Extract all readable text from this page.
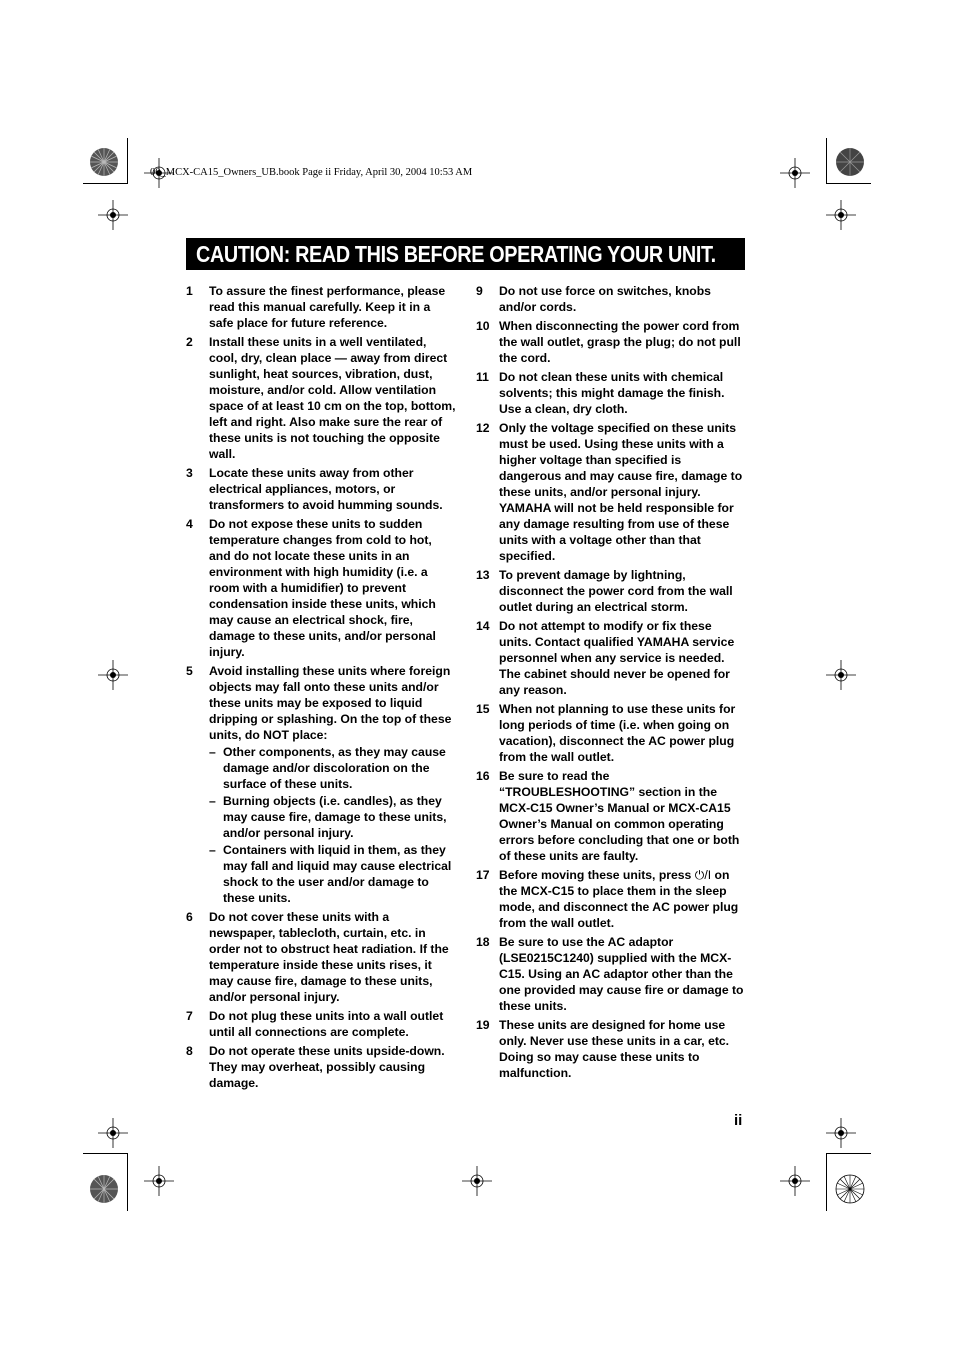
00_MCX-CA15_Owners_UB.book Page ii Friday, April 30, 2004 10:53 AM
CAUTION: READ THIS BEFORE OPERATING YOUR UNIT.
1	To assure the finest performance, please read this manual carefully. Keep it in a safe place for future reference.
2	Install these units in a well ventilated, cool, dry, clean place — away from direct sunlight, heat sources, vibration, dust, moisture, and/or cold. Allow ventilation space of at least 10 cm on the top, bottom, left and right. Also make sure the rear of these units is not touching the opposite wall.
3	Locate these units away from other electrical appliances, motors, or transformers to avoid humming sounds.
4	Do not expose these units to sudden temperature changes from cold to hot, and do not locate these units in an environment with high humidity (i.e. a room with a humidifier) to prevent condensation inside these units, which may cause an electrical shock, fire, damage to these units, and/or personal injury.
5	Avoid installing these units where foreign objects may fall onto these units and/or these units may be exposed to liquid dripping or splashing. On the top of these units, do NOT place:
– Other components, as they may cause damage and/or discoloration on the surface of these units.
– Burning objects (i.e. candles), as they may cause fire, damage to these units, and/or personal injury.
– Containers with liquid in them, as they may fall and liquid may cause electrical shock to the user and/or damage to these units.
6	Do not cover these units with a newspaper, tablecloth, curtain, etc. in order not to obstruct heat radiation. If the temperature inside these units rises, it may cause fire, damage to these units, and/or personal injury.
7	Do not plug these units into a wall outlet until all connections are complete.
8	Do not operate these units upside-down. They may overheat, possibly causing damage.
9	Do not use force on switches, knobs and/or cords.
10 When disconnecting the power cord from the wall outlet, grasp the plug; do not pull the cord.
11 Do not clean these units with chemical solvents; this might damage the finish. Use a clean, dry cloth.
12 Only the voltage specified on these units must be used. Using these units with a higher voltage than specified is dangerous and may cause fire, damage to these units, and/or personal injury. YAMAHA will not be held responsible for any damage resulting from use of these units with a voltage other than that specified.
13 To prevent damage by lightning, disconnect the power cord from the wall outlet during an electrical storm.
14 Do not attempt to modify or fix these units. Contact qualified YAMAHA service personnel when any service is needed. The cabinet should never be opened for any reason.
15 When not planning to use these units for long periods of time (i.e. when going on vacation), disconnect the AC power plug from the wall outlet.
16 Be sure to read the “TROUBLESHOOTING” section in the MCX-C15 Owner’s Manual or MCX-CA15 Owner’s Manual on common operating errors before concluding that one or both of these units are faulty.
17 Before moving these units, press ⏻/I on the MCX-C15 to place them in the sleep mode, and disconnect the AC power plug from the wall outlet.
18 Be sure to use the AC adaptor (LSE0215C1240) supplied with the MCX-C15. Using an AC adaptor other than the one provided may cause fire or damage to these units.
19 These units are designed for home use only. Never use these units in a car, etc. Doing so may cause these units to malfunction.
ii
